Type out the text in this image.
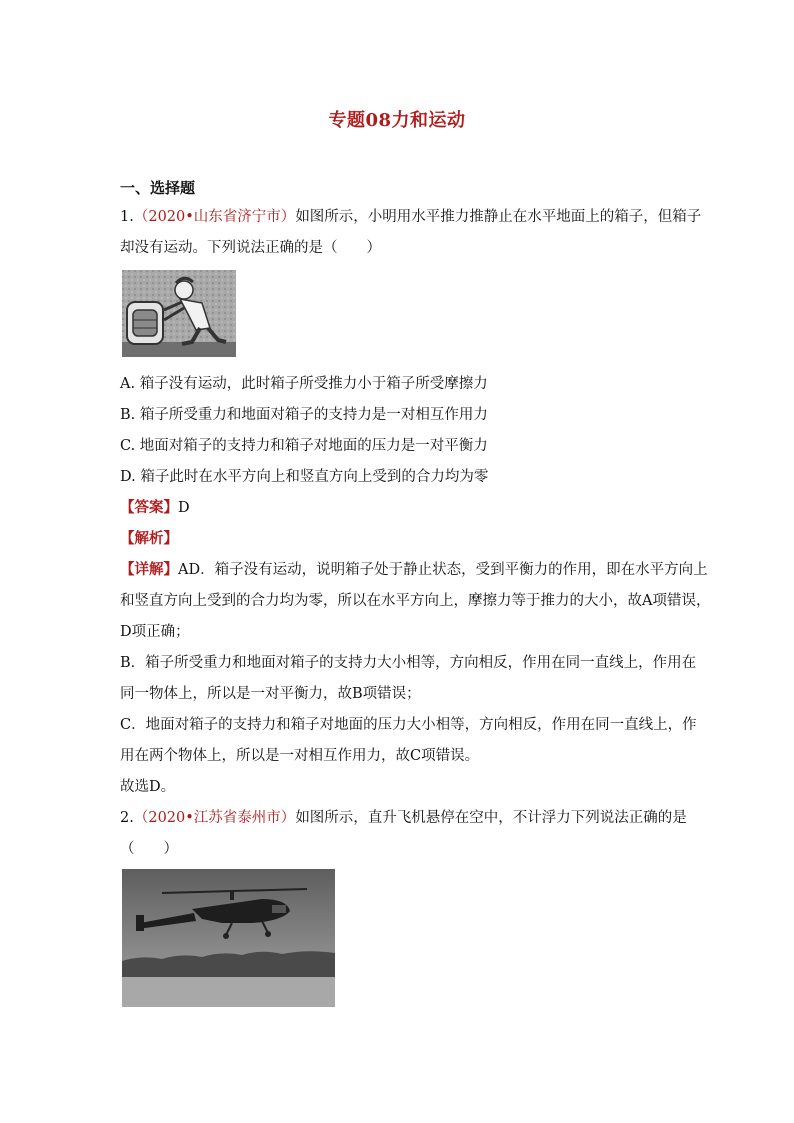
专题08力和运动
一、选择题
1.（2020•山东省济宁市）如图所示，小明用水平推力推静止在水平地面上的箱子，但箱子
却没有运动。下列说法正确的是（　　）
A. 箱子没有运动，此时箱子所受推力小于箱子所受摩擦力
B. 箱子所受重力和地面对箱子的支持力是一对相互作用力
C. 地面对箱子的支持力和箱子对地面的压力是一对平衡力
D. 箱子此时在水平方向上和竖直方向上受到的合力均为零
【答案】D
【解析】
【详解】AD．箱子没有运动，说明箱子处于静止状态，受到平衡力的作用，即在水平方向上
和竖直方向上受到的合力均为零，所以在水平方向上，摩擦力等于推力的大小，故A项错误，
D项正确；
B．箱子所受重力和地面对箱子的支持力大小相等，方向相反，作用在同一直线上，作用在
同一物体上，所以是一对平衡力，故B项错误；
C．地面对箱子的支持力和箱子对地面的压力大小相等，方向相反，作用在同一直线上，作
用在两个物体上，所以是一对相互作用力，故C项错误。
故选D。
2.（2020•江苏省泰州市）如图所示，直升飞机悬停在空中，不计浮力下列说法正确的是
（　　）
